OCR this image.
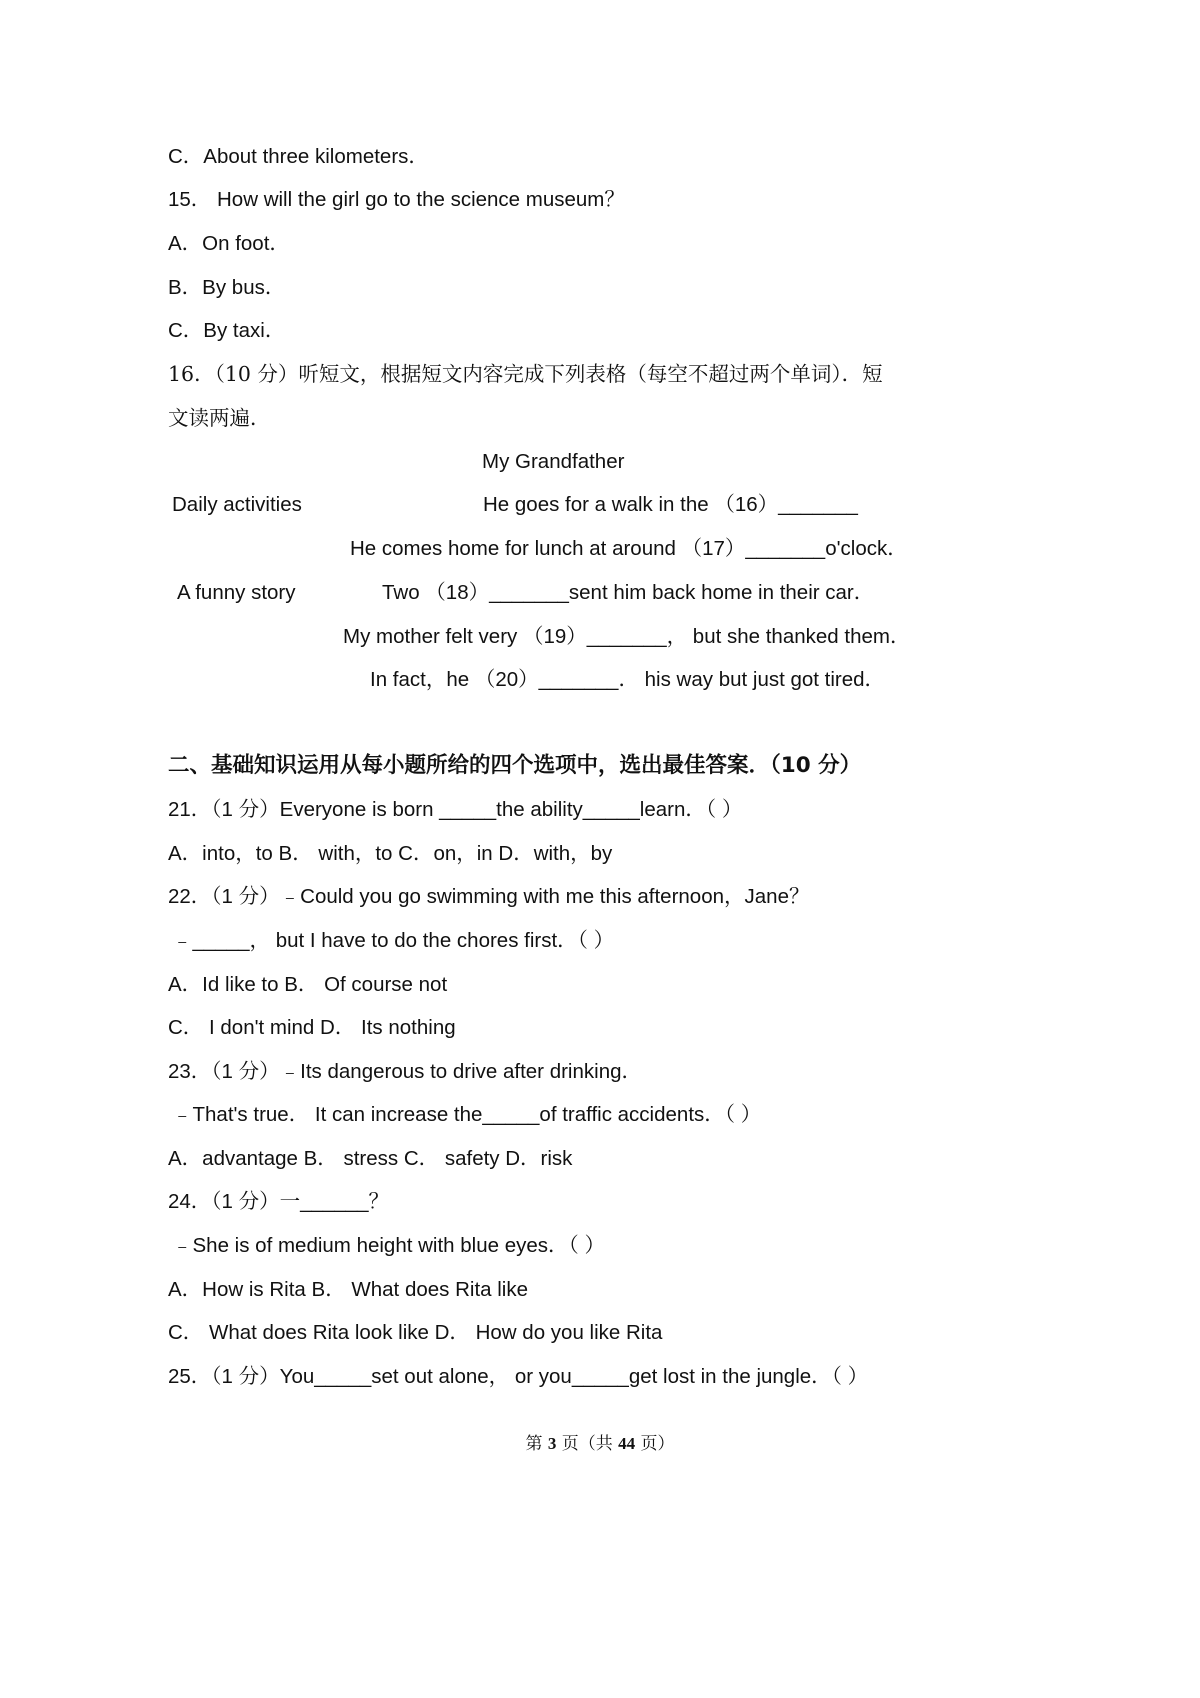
C．About three kilometers．
15． How will the girl go to the science museum？
A．On foot．
B．By bus．
C．By taxi．
16．（10 分）听短文，根据短文内容完成下列表格（每空不超过两个单词）．短
文读两遍．
My Grandfather
Daily activities	He goes for a walk in the （16）_______
He comes home for lunch at around （17）_______o'clock．
A funny story	Two （18）_______sent him back home in their car．
My mother felt very （19）_______， but she thanked them．
In fact，he （20）_______． his way but just got tired．
二、基础知识运用从每小题所给的四个选项中，选出最佳答案．（10 分）
21．（1 分）Everyone is born _____the ability_____learn．（ ）
A．into，to B． with，to C．on，in D．with，by
22．（1 分）﹣Could you go swimming with me this afternoon，Jane？
﹣_____， but I have to do the chores first．（ ）
A．Id like to B． Of course not
C． I don't mind D． Its nothing
23．（1 分）﹣Its dangerous to drive after drinking．
﹣That's true． It can increase the_____of traffic accidents．（ ）
A．advantage B． stress C． safety D．risk
24．（1 分）一______？
﹣She is of medium height with blue eyes．（ ）
A．How is Rita B． What does Rita like
C． What does Rita look like D． How do you like Rita
25．（1 分）You_____set out alone， or you_____get lost in the jungle．（ ）
第 3 页（共 44 页）
